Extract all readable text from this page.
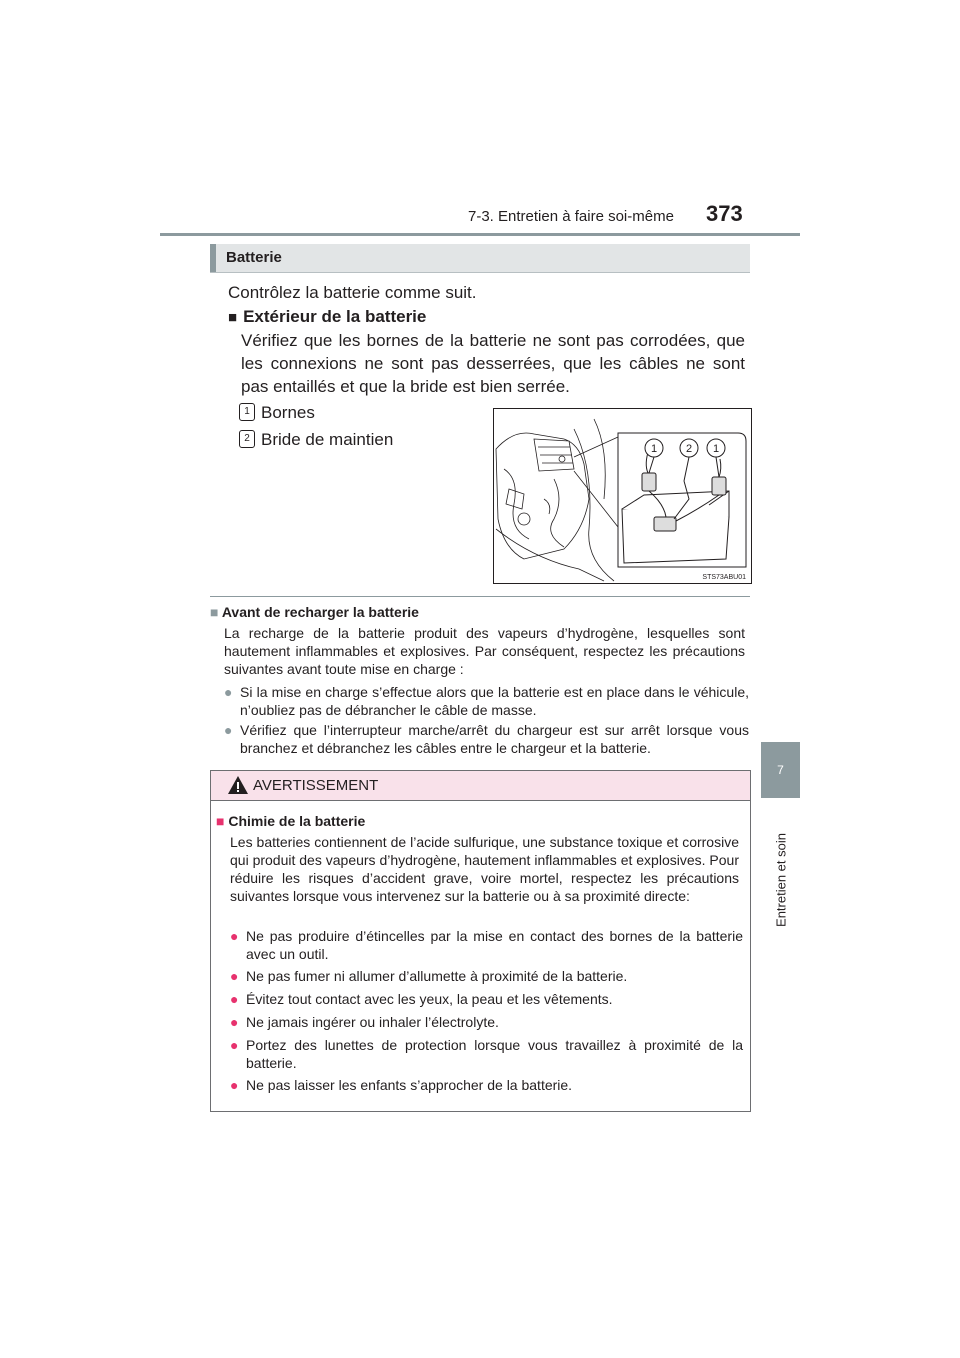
7-3. Entretien à faire soi-même 373
7
Entretien et soin
Batterie
Contrôlez la batterie comme suit.
■ Extérieur de la batterie
Vérifiez que les bornes de la batterie ne sont pas corrodées, que les connexions ne sont pas desserrées, que les câbles ne sont pas entaillés et que la bride est bien serrée.
1 Bornes
2 Bride de maintien	1	2 1
STS73ABU01
■ Avant de recharger la batterie
La recharge de la batterie produit des vapeurs d’hydrogène, lesquelles sont hautement inflammables et explosives. Par conséquent, respectez les précautions suivantes avant toute mise en charge :
● Si la mise en charge s’effectue alors que la batterie est en place dans le véhicule, n’oubliez pas de débrancher le câble de masse.
● Vérifiez que l’interrupteur marche/arrêt du chargeur est sur arrêt lorsque vous branchez et débranchez les câbles entre le chargeur et la batterie.
AVERTISSEMENT
■ Chimie de la batterie
Les batteries contiennent de l’acide sulfurique, une substance toxique et corrosive qui produit des vapeurs d’hydrogène, hautement inflammables et explosives. Pour réduire les risques d’accident grave, voire mortel, respectez les précautions suivantes lorsque vous intervenez sur la batterie ou à sa proximité directe:
● Ne pas produire d’étincelles par la mise en contact des bornes de la batterie avec un outil.
● Ne pas fumer ni allumer d’allumette à proximité de la batterie.
● Évitez tout contact avec les yeux, la peau et les vêtements.
● Ne jamais ingérer ou inhaler l’électrolyte.
● Portez des lunettes de protection lorsque vous travaillez à proximité de la batterie.
● Ne pas laisser les enfants s’approcher de la batterie.
